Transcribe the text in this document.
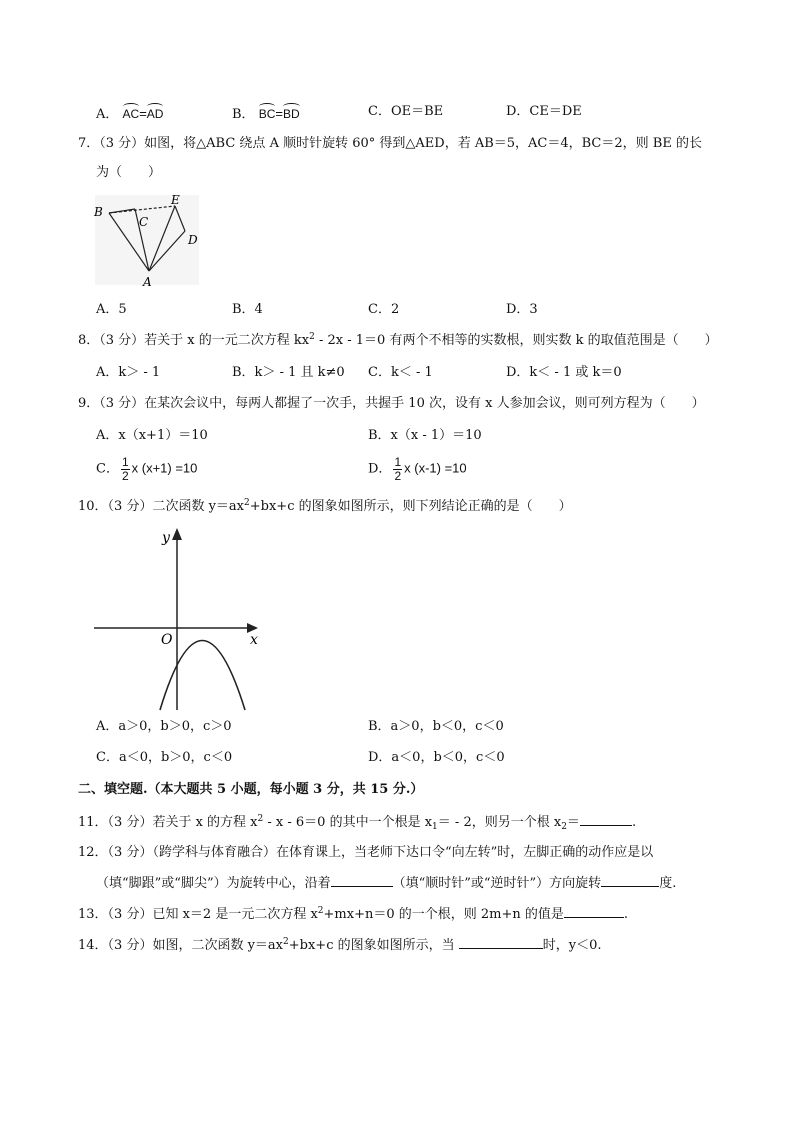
A． AC=AD	B． BC=BD	C．OE＝BE	D．CE＝DE
7．（3 分）如图，将△ABC 绕点 A 顺时针旋转 60° 得到△AED，若 AB＝5，AC＝4，BC＝2，则 BE 的长
为（　　）
B
C
E
D
A
A．5	B．4	C．2	D．3
8．（3 分）若关于 x 的一元二次方程 $kx^2 - 2x - 1=0$ 有两个不相等的实数根，则实数 k 的取值范围是（　　）
A．k＞ - 1	B．k＞ - 1 且 k≠0 C．k＜ - 1	D．k＜ - 1 或 k＝0
9．（3 分）在某次会议中，每两人都握了一次手，共握手 10 次，设有 x 人参加会议，则可列方程为（　　）
A．x（x+1）＝10	B．x（x - 1）＝10
C． $\frac{1}{2}$ x (x+1) =10	D． $\frac{1}{2}$ x (x-1) =10
10．（3 分）二次函数 $y=ax^2+bx+c$ 的图象如图所示，则下列结论正确的是（　　）
y
x
O
A．a＞0，b＞0，c＞0	B．a＞0，b＜0，c＜0
C．a＜0，b＞0，c＜0	D．a＜0，b＜0，c＜0
二、填空题.（本大题共 5 小题，每小题 3 分，共 15 分.）
11．（3 分）若关于 x 的方程 $x^2 - x - 6=0$ 的其中一个根是 $x_1= - 2$，则另一个根 $x_2=$	.
12．（3 分）（跨学科与体育融合）在体育课上，当老师下达口令“向左转”时，左脚正确的动作应是以
（填“脚跟”或“脚尖”）为旋转中心，沿着	（填“顺时针”或“逆时针”）方向旋转	度.
13．（3 分）已知 x＝2 是一元二次方程 $x^2+mx+n=0$ 的一个根，则 2m+n 的值是	.
14．（3 分）如图，二次函数 $y=ax^2+bx+c$ 的图象如图所示，当	时，y＜0.
